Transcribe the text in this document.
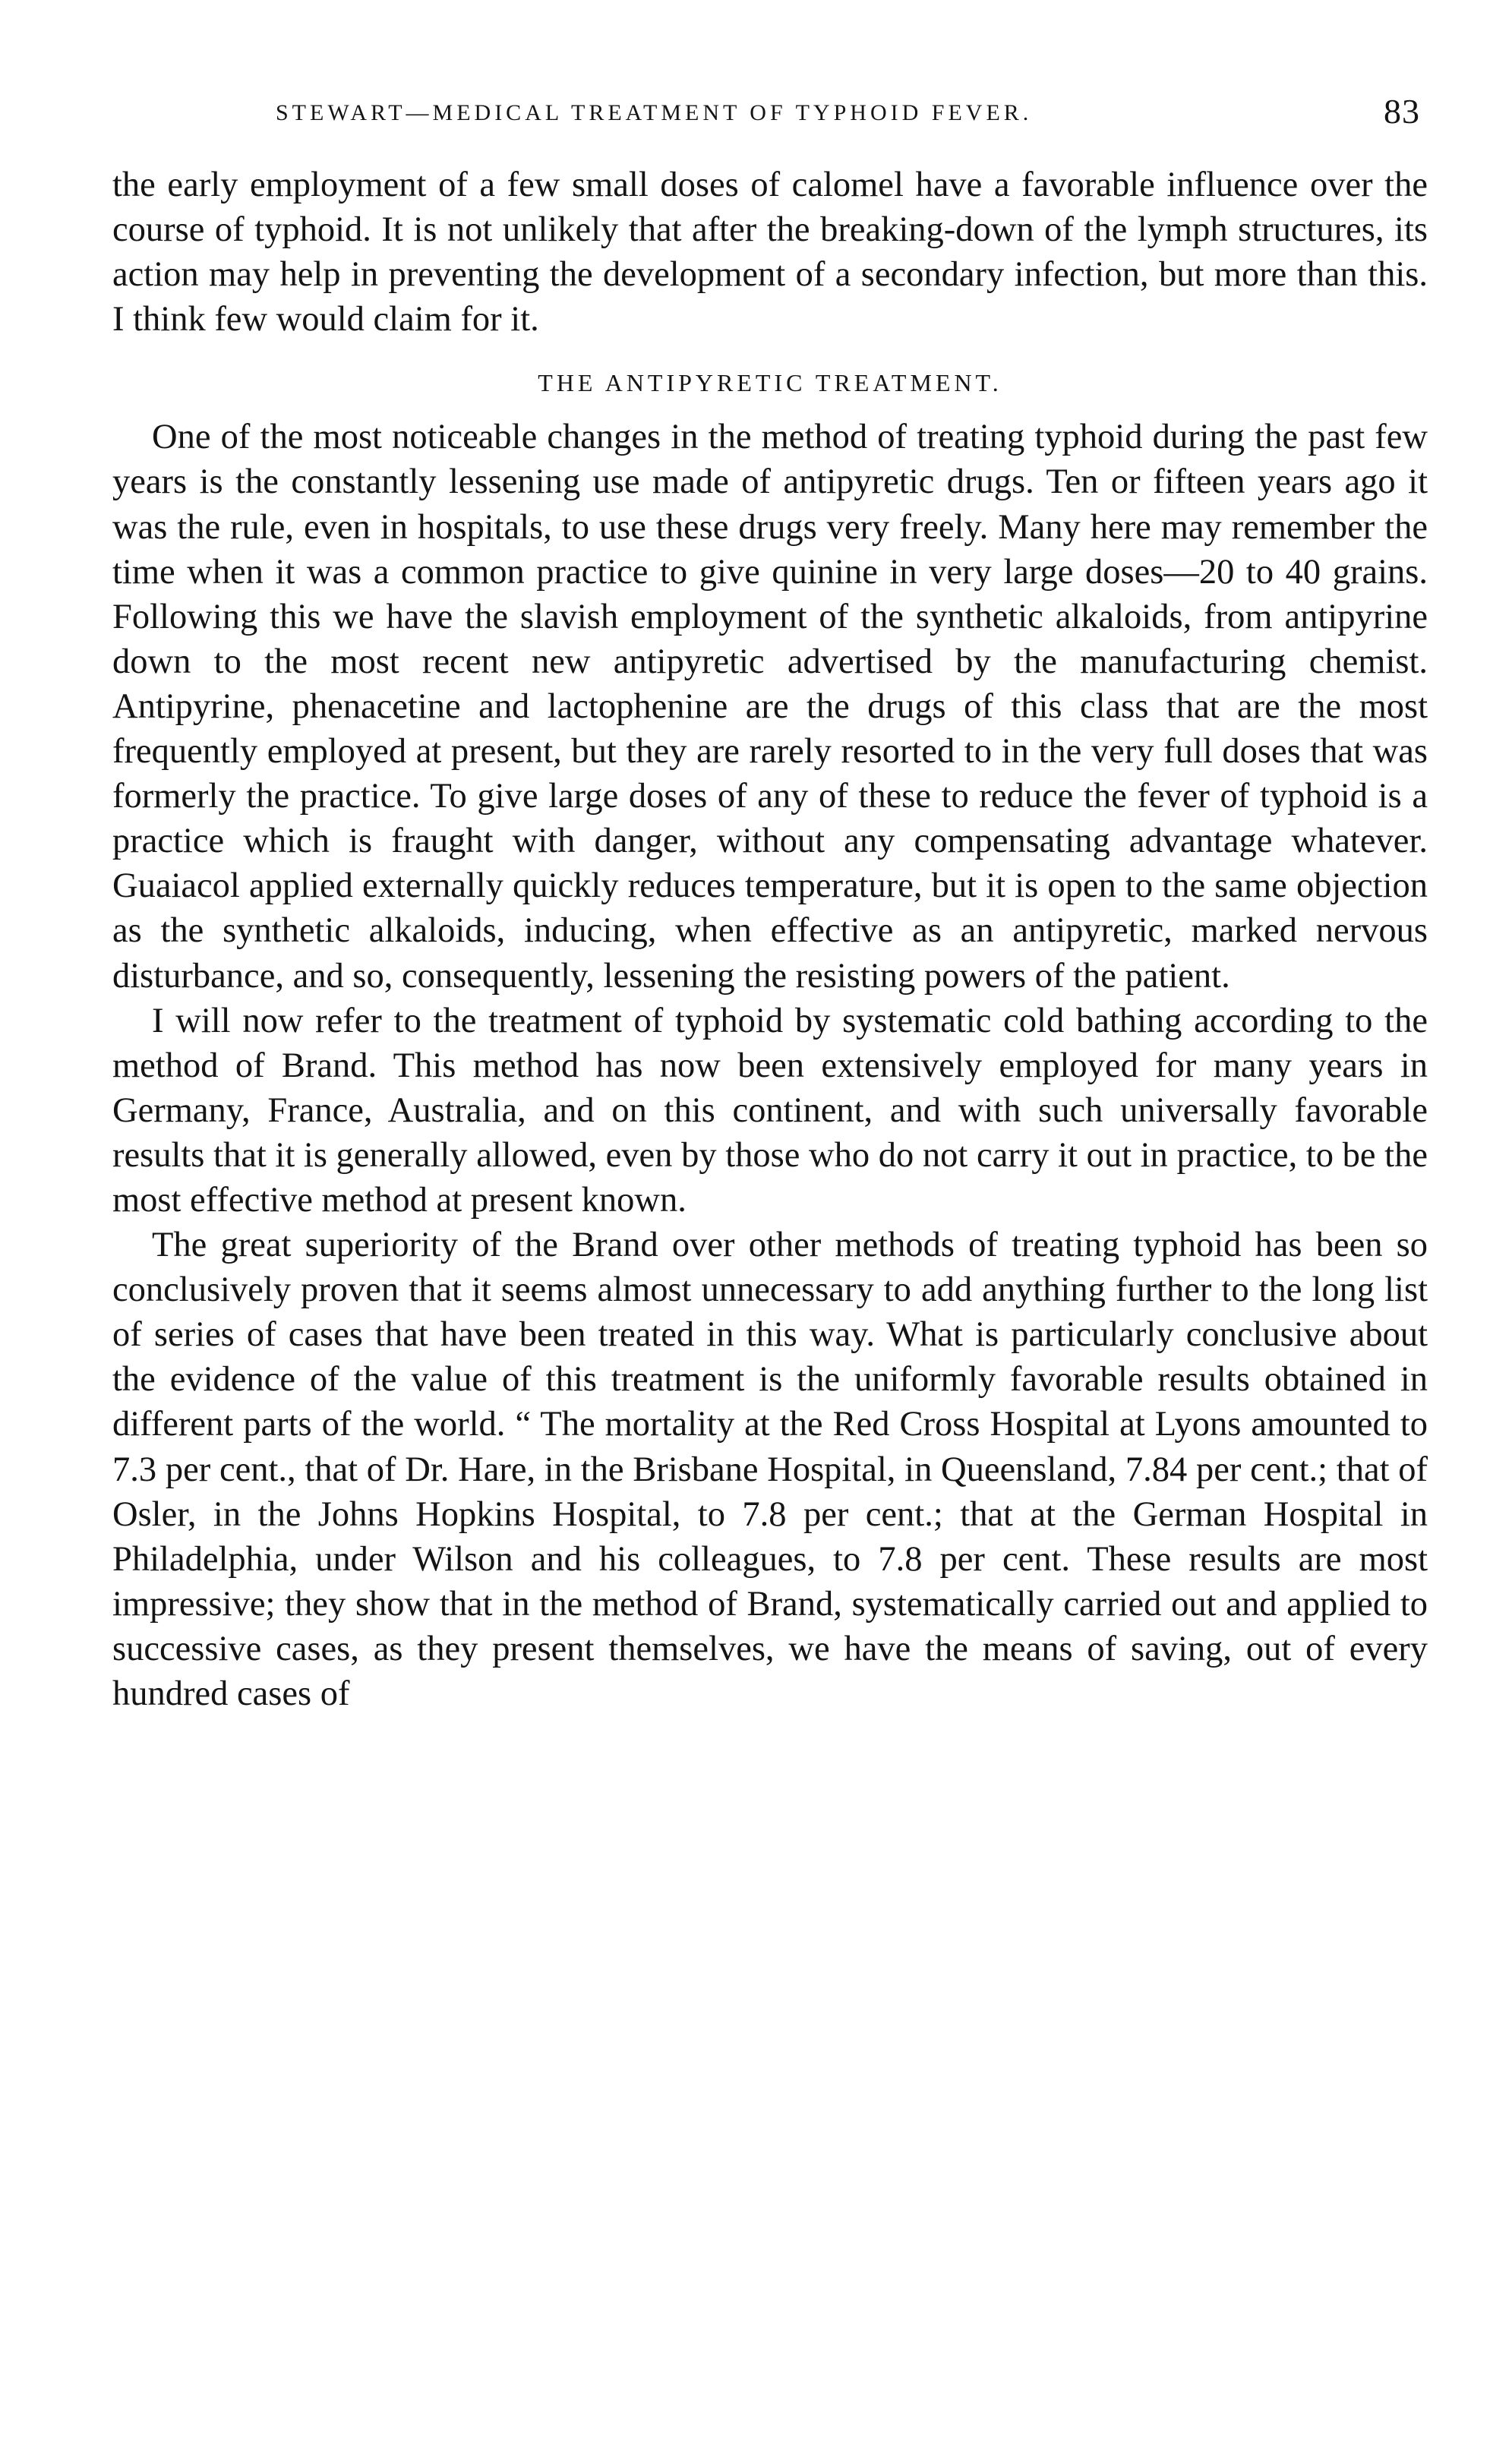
STEWART—MEDICAL TREATMENT OF TYPHOID FEVER.	83

the early employment of a few small doses of calomel have a favorable influence over the course of typhoid. It is not unlikely that after the breaking-down of the lymph structures, its action may help in preventing the development of a secondary infection, but more than this. I think few would claim for it.

THE ANTIPYRETIC TREATMENT.

One of the most noticeable changes in the method of treating typhoid during the past few years is the constantly lessening use made of antipyretic drugs. Ten or fifteen years ago it was the rule, even in hospitals, to use these drugs very freely. Many here may remember the time when it was a common practice to give quinine in very large doses—20 to 40 grains. Following this we have the slavish employment of the synthetic alkaloids, from antipyrine down to the most recent new antipyretic advertised by the manufacturing chemist. Antipyrine, phenacetine and lactophenine are the drugs of this class that are the most frequently employed at present, but they are rarely resorted to in the very full doses that was formerly the practice. To give large doses of any of these to reduce the fever of typhoid is a practice which is fraught with danger, without any compensating advantage whatever. Guaiacol applied externally quickly reduces temperature, but it is open to the same objection as the synthetic alkaloids, inducing, when effective as an antipyretic, marked nervous disturbance, and so, consequently, lessening the resisting powers of the patient.

I will now refer to the treatment of typhoid by systematic cold bathing according to the method of Brand. This method has now been extensively employed for many years in Germany, France, Australia, and on this continent, and with such universally favorable results that it is generally allowed, even by those who do not carry it out in practice, to be the most effective method at present known.

The great superiority of the Brand over other methods of treating typhoid has been so conclusively proven that it seems almost unnecessary to add anything further to the long list of series of cases that have been treated in this way. What is particularly conclusive about the evidence of the value of this treatment is the uniformly favorable results obtained in different parts of the world. “ The mortality at the Red Cross Hospital at Lyons amounted to 7.3 per cent., that of Dr. Hare, in the Brisbane Hospital, in Queensland, 7.84 per cent.; that of Osler, in the Johns Hopkins Hospital, to 7.8 per cent.; that at the German Hospital in Philadelphia, under Wilson and his colleagues, to 7.8 per cent. These results are most impressive; they show that in the method of Brand, systematically carried out and applied to successive cases, as they present themselves, we have the means of saving, out of every hundred cases of
